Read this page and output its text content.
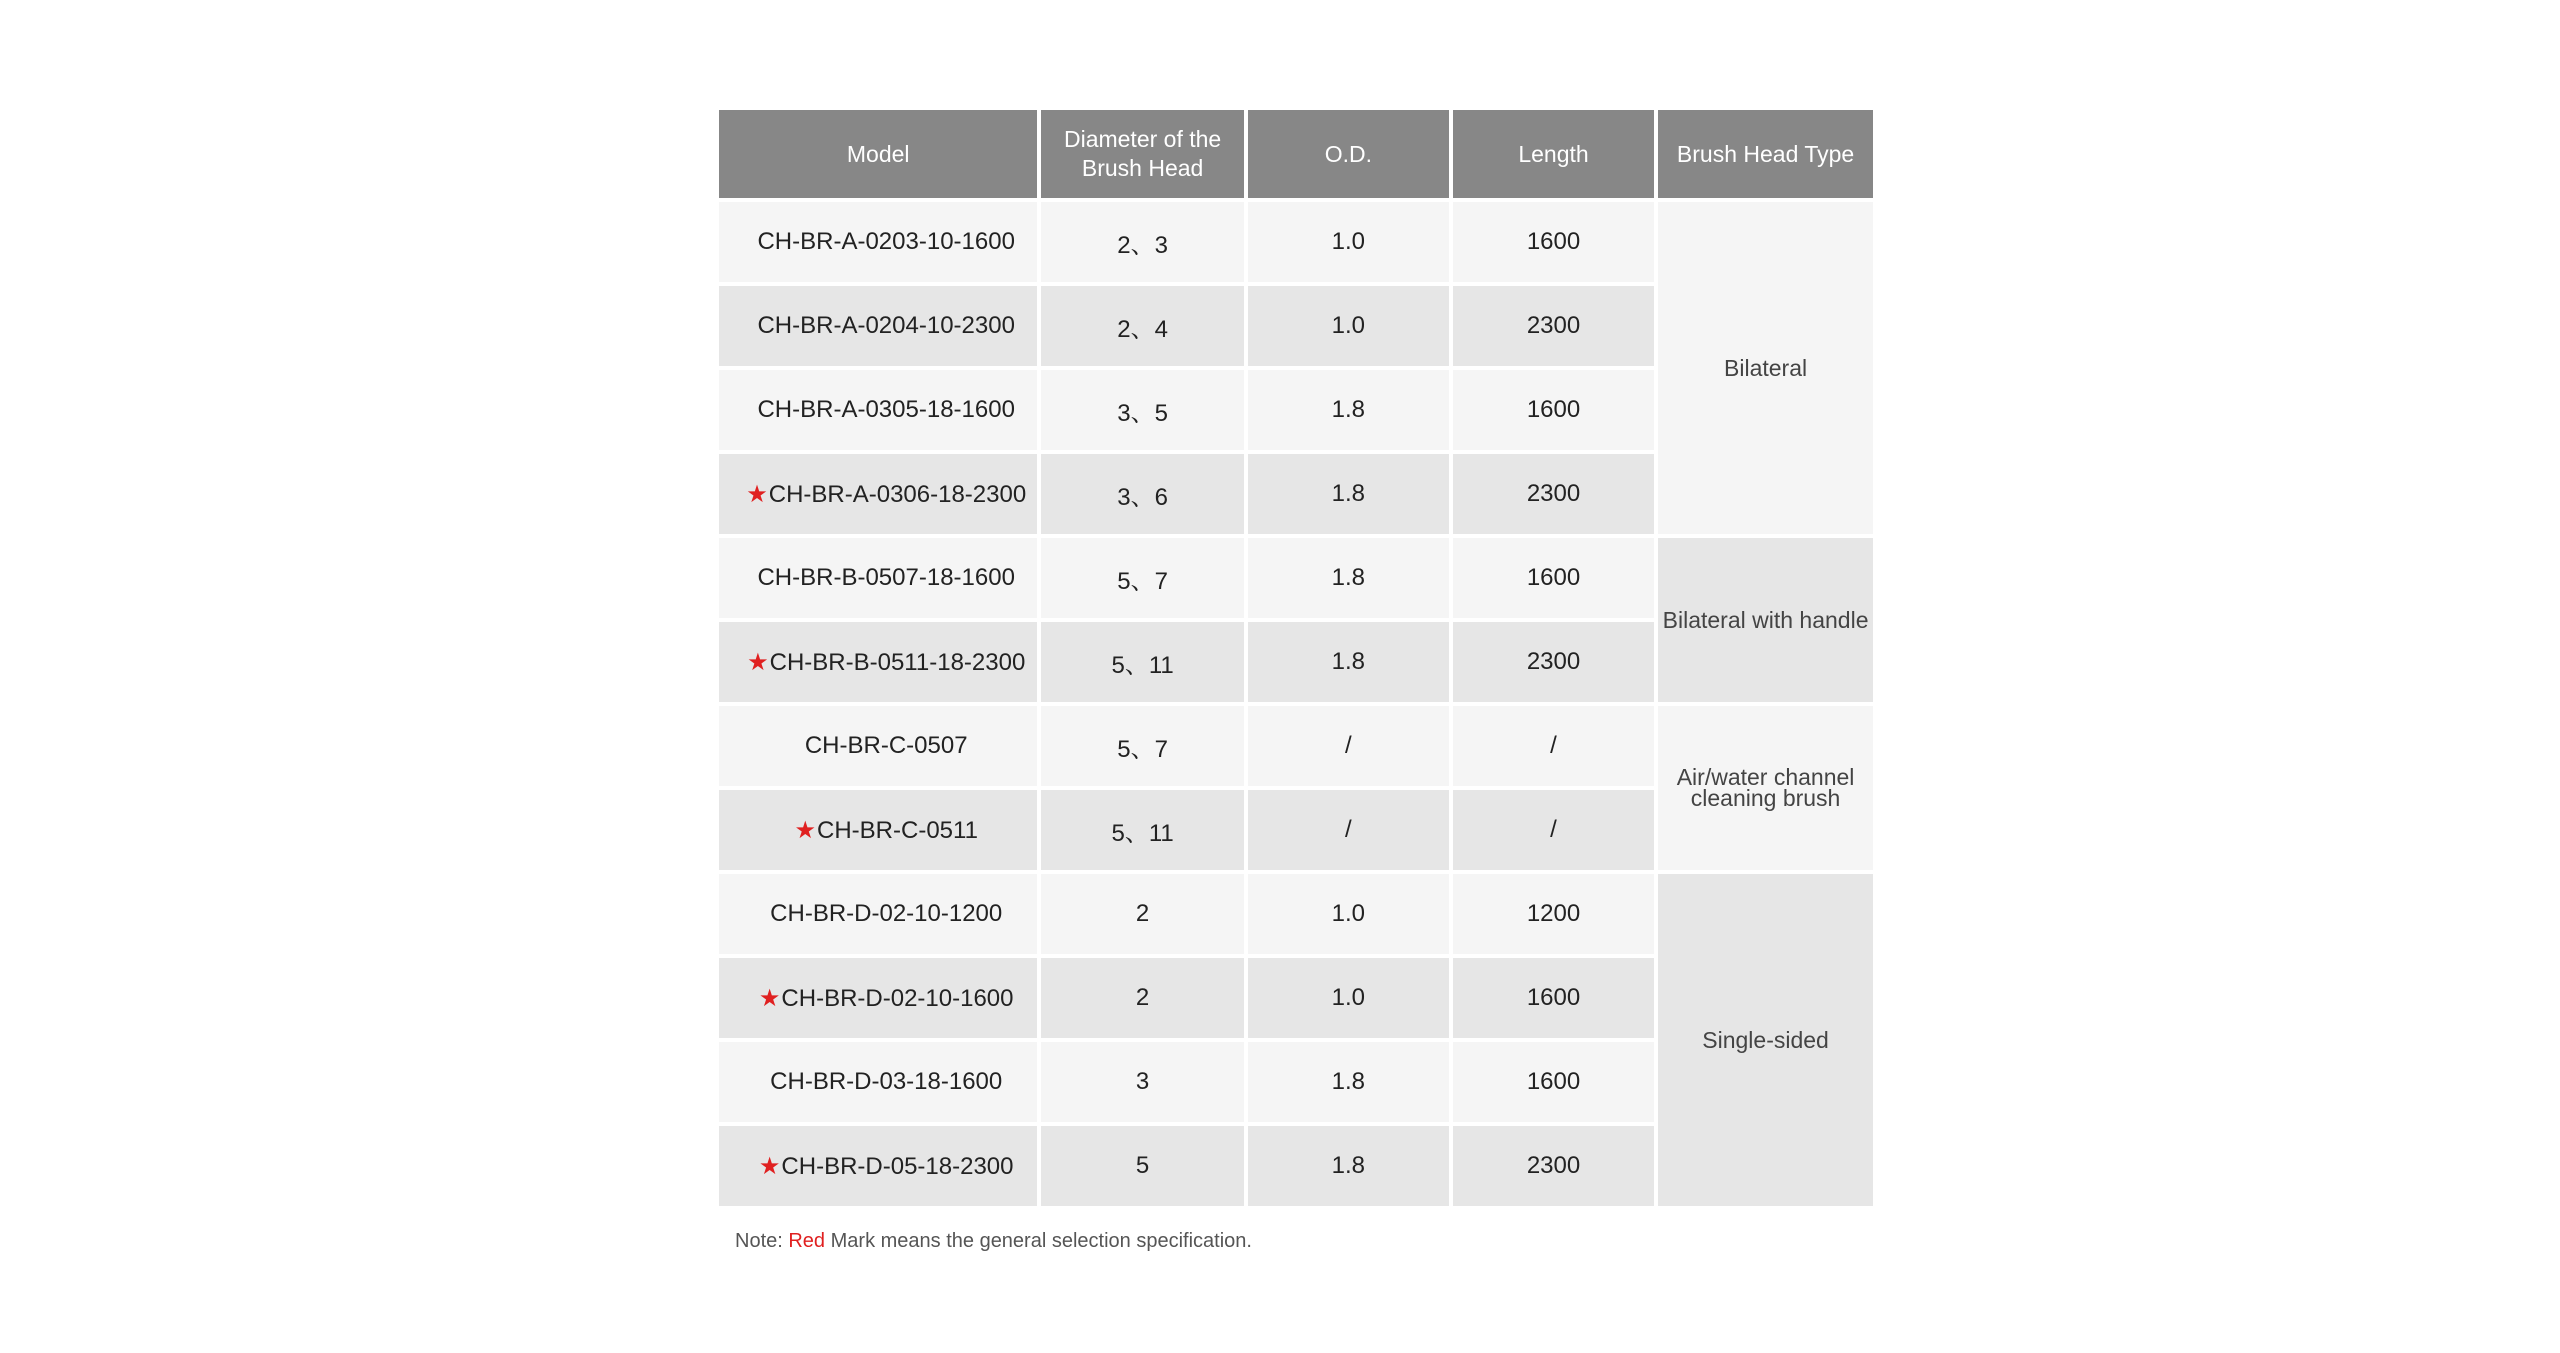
Model	Diameter of the Brush Head	O.D.	Length	Brush Head Type
CH-BR-A-0203-10-1600	2、3	1.0	1600	Bilateral
CH-BR-A-0204-10-2300	2、4	1.0	2300	
CH-BR-A-0305-18-1600	3、5	1.8	1600	
★CH-BR-A-0306-18-2300	3、6	1.8	2300	
CH-BR-B-0507-18-1600	5、7	1.8	1600	Bilateral with handle
★CH-BR-B-0511-18-2300	5、11	1.8	2300	
CH-BR-C-0507	5、7	/	/	Air/water channel cleaning brush

★CH-BR-C-0511	5、11	/	/	
CH-BR-D-02-10-1200	2	1.0	1200	Single-sided
★CH-BR-D-02-10-1600	2	1.0	1600	
CH-BR-D-03-18-1600	3	1.8	1600	
★CH-BR-D-05-18-2300	5	1.8	2300	
Note: Red Mark means the general selection specification.
